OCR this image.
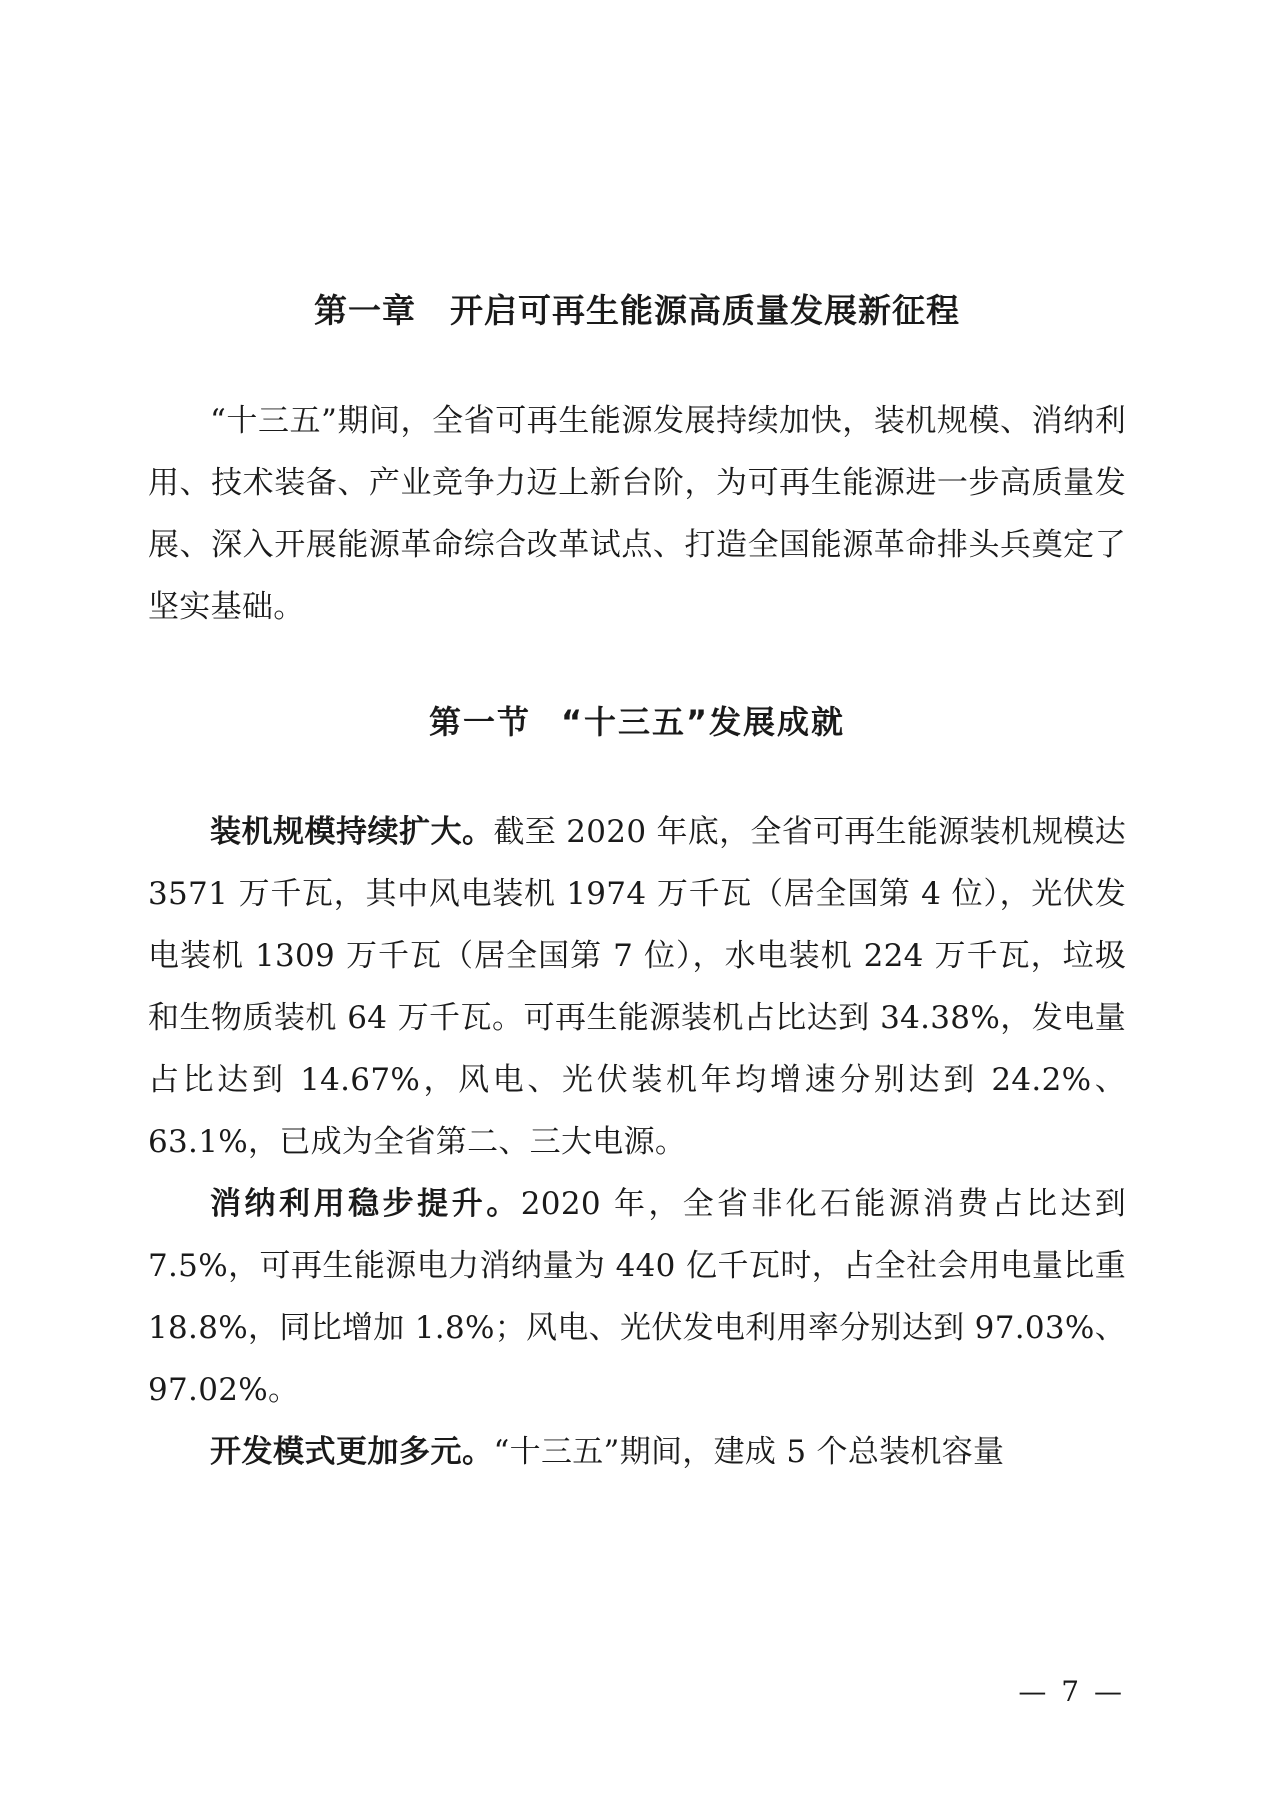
第一章 开启可再生能源高质量发展新征程

“十三五”期间，全省可再生能源发展持续加快，装机规模、消纳利用、技术装备、产业竞争力迈上新台阶，为可再生能源进一步高质量发展、深入开展能源革命综合改革试点、打造全国能源革命排头兵奠定了坚实基础。

第一节 “十三五”发展成就

装机规模持续扩大。截至 2020 年底，全省可再生能源装机规模达 3571 万千瓦，其中风电装机 1974 万千瓦（居全国第 4 位），光伏发电装机 1309 万千瓦（居全国第 7 位），水电装机 224 万千瓦，垃圾和生物质装机 64 万千瓦。可再生能源装机占比达到 34.38%，发电量占比达到 14.67%，风电、光伏装机年均增速分别达到 24.2%、63.1%，已成为全省第二、三大电源。

消纳利用稳步提升。2020 年，全省非化石能源消费占比达到 7.5%，可再生能源电力消纳量为 440 亿千瓦时，占全社会用电量比重 18.8%，同比增加 1.8%；风电、光伏发电利用率分别达到 97.03%、97.02%。

开发模式更加多元。“十三五”期间，建成 5 个总装机容量

— 7 —
